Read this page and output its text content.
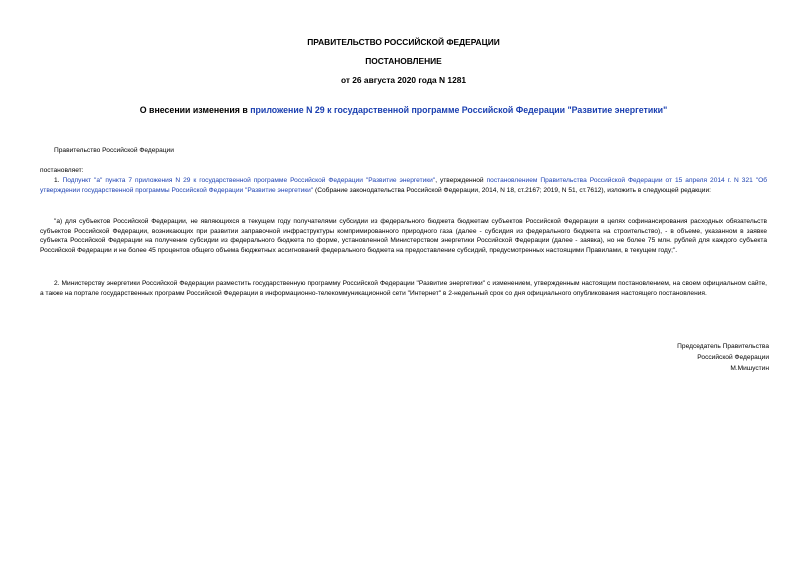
ПРАВИТЕЛЬСТВО РОССИЙСКОЙ ФЕДЕРАЦИИ

ПОСТАНОВЛЕНИЕ

от 26 августа 2020 года N 1281

О внесении изменения в приложение N 29 к государственной программе Российской Федерации "Развитие энергетики"

Правительство Российской Федерации

постановляет:

1. Подпункт "а" пункта 7 приложения N 29 к государственной программе Российской Федерации "Развитие энергетики", утвержденной постановлением Правительства Российской Федерации от 15 апреля 2014 г. N 321 "Об утверждении государственной программы Российской Федерации "Развитие энергетики" (Собрание законодательства Российской Федерации, 2014, N 18, ст.2167; 2019, N 51, ст.7612), изложить в следующей редакции:

"а) для субъектов Российской Федерации, не являющихся в текущем году получателями субсидии из федерального бюджета бюджетам субъектов Российской Федерации в целях софинансирования расходных обязательств субъектов Российской Федерации, возникающих при развитии заправочной инфраструктуры компримированного природного газа (далее - субсидия из федерального бюджета на строительство), - в объеме, указанном в заявке субъекта Российской Федерации на получение субсидии из федерального бюджета по форме, установленной Министерством энергетики Российской Федерации (далее - заявка), но не более 75 млн. рублей для каждого субъекта Российской Федерации и не более 45 процентов общего объема бюджетных ассигнований федерального бюджета на предоставление субсидий, предусмотренных настоящими Правилами, в текущем году;".

2. Министерству энергетики Российской Федерации разместить государственную программу Российской Федерации "Развитие энергетики" с изменением, утвержденным настоящим постановлением, на своем официальном сайте, а также на портале государственных программ Российской Федерации в информационно-телекоммуникационной сети "Интернет" в 2-недельный срок со дня официального опубликования настоящего постановления.

Председатель Правительства
Российской Федерации
М.Мишустин
